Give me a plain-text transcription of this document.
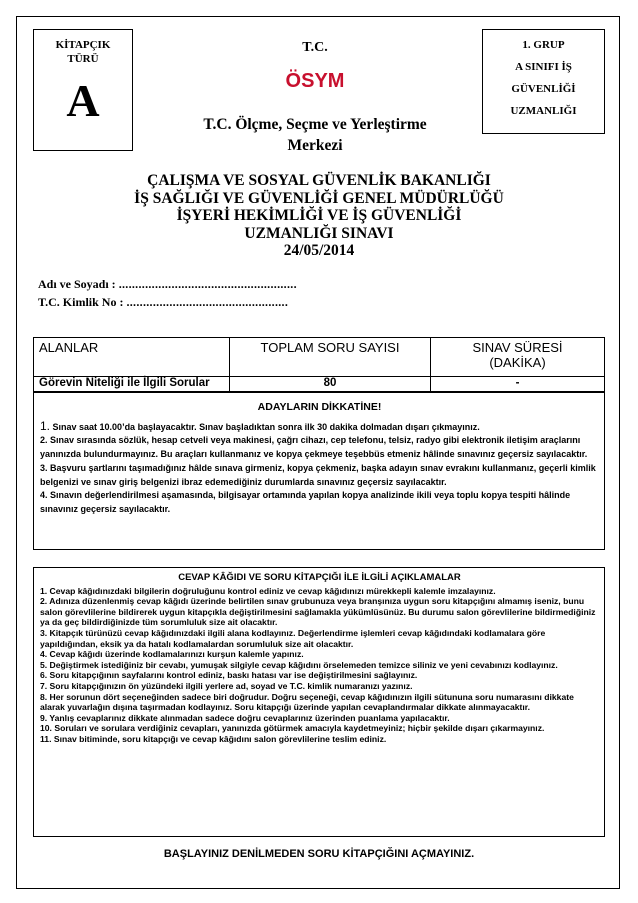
KİTAPÇIK TÜRÜ
A
T.C.
ÖSYM
T.C. Ölçme, Seçme ve Yerleştirme
Merkezi
1. GRUP
A SINIFI İŞ
GÜVENLİĞİ
UZMANLIĞI
ÇALIŞMA VE SOSYAL GÜVENLİK BAKANLIĞI
İŞ SAĞLIĞI VE GÜVENLİĞİ GENEL MÜDÜRLÜĞÜ
İŞYERİ HEKİMLİĞİ VE İŞ GÜVENLİĞİ
UZMANLIĞI SINAVI
24/05/2014
Adı ve Soyadı : ......................................................
T.C. Kimlik No : .................................................
ALANLAR	TOPLAM SORU SAYISI	SINAV SÜRESİ
(DAKİKA)

Görevin Niteliği ile İlgili Sorular	80	-
ADAYLARIN DİKKATİNE!

1. Sınav saat 10.00’da başlayacaktır. Sınav başladıktan sonra ilk 30 dakika dolmadan dışarı çıkmayınız.

2. Sınav sırasında sözlük, hesap cetveli veya makinesi, çağrı cihazı, cep telefonu, telsiz, radyo gibi elektronik iletişim araçlarını yanınızda bulundurmayınız. Bu araçları kullanmanız ve kopya çekmeye teşebbüs etmeniz hâlinde sınavınız geçersiz sayılacaktır.

3. Başvuru şartlarını taşımadığınız hâlde sınava girmeniz, kopya çekmeniz, başka adayın sınav evrakını kullanmanız, geçerli kimlik belgenizi ve sınav giriş belgenizi ibraz edemediğiniz durumlarda sınavınız geçersiz sayılacaktır.

4. Sınavın değerlendirilmesi aşamasında, bilgisayar ortamında yapılan kopya analizinde ikili veya toplu kopya tespiti hâlinde sınavınız geçersiz sayılacaktır.

CEVAP KÂĞIDI VE SORU KİTAPÇIĞI İLE İLGİLİ AÇIKLAMALAR

1. Cevap kâğıdınızdaki bilgilerin doğruluğunu kontrol ediniz ve cevap kâğıdınızı mürekkepli kalemle imzalayınız.

2. Adınıza düzenlenmiş cevap kâğıdı üzerinde belirtilen sınav grubunuza veya branşınıza uygun soru kitapçığını almamış iseniz, bunu salon görevlilerine bildirerek uygun kitapçıkla değiştirilmesini sağlamakla yükümlüsünüz. Bu durumu salon görevlilerine bildirmediğiniz ya da geç bildirdiğinizde tüm sorumluluk size ait olacaktır.

3. Kitapçık türünüzü cevap kâğıdınızdaki ilgili alana kodlayınız. Değerlendirme işlemleri cevap kâğıdındaki kodlamalara göre yapıldığından, eksik ya da hatalı kodlamalardan sorumluluk size ait olacaktır.

4. Cevap kâğıdı üzerinde kodlamalarınızı kurşun kalemle yapınız.

5. Değiştirmek istediğiniz bir cevabı, yumuşak silgiyle cevap kâğıdını örselemeden temizce siliniz ve yeni cevabınızı kodlayınız.

6. Soru kitapçığının sayfalarını kontrol ediniz, baskı hatası var ise değiştirilmesini sağlayınız.

7. Soru kitapçığınızın ön yüzündeki ilgili yerlere ad, soyad ve T.C. kimlik numaranızı yazınız.

8. Her sorunun dört seçeneğinden sadece biri doğrudur. Doğru seçeneği, cevap kâğıdınızın ilgili sütununa soru numarasını dikkate alarak yuvarlağın dışına taşırmadan kodlayınız. Soru kitapçığı üzerinde yapılan cevaplandırmalar dikkate alınmayacaktır.

9. Yanlış cevaplarınız dikkate alınmadan sadece doğru cevaplarınız üzerinden puanlama yapılacaktır.

10. Soruları ve sorulara verdiğiniz cevapları, yanınızda götürmek amacıyla kaydetmeyiniz; hiçbir şekilde dışarı çıkarmayınız.

11. Sınav bitiminde, soru kitapçığı ve cevap kâğıdını salon görevlilerine teslim ediniz.

BAŞLAYINIZ DENİLMEDEN SORU KİTAPÇIĞINI AÇMAYINIZ.
